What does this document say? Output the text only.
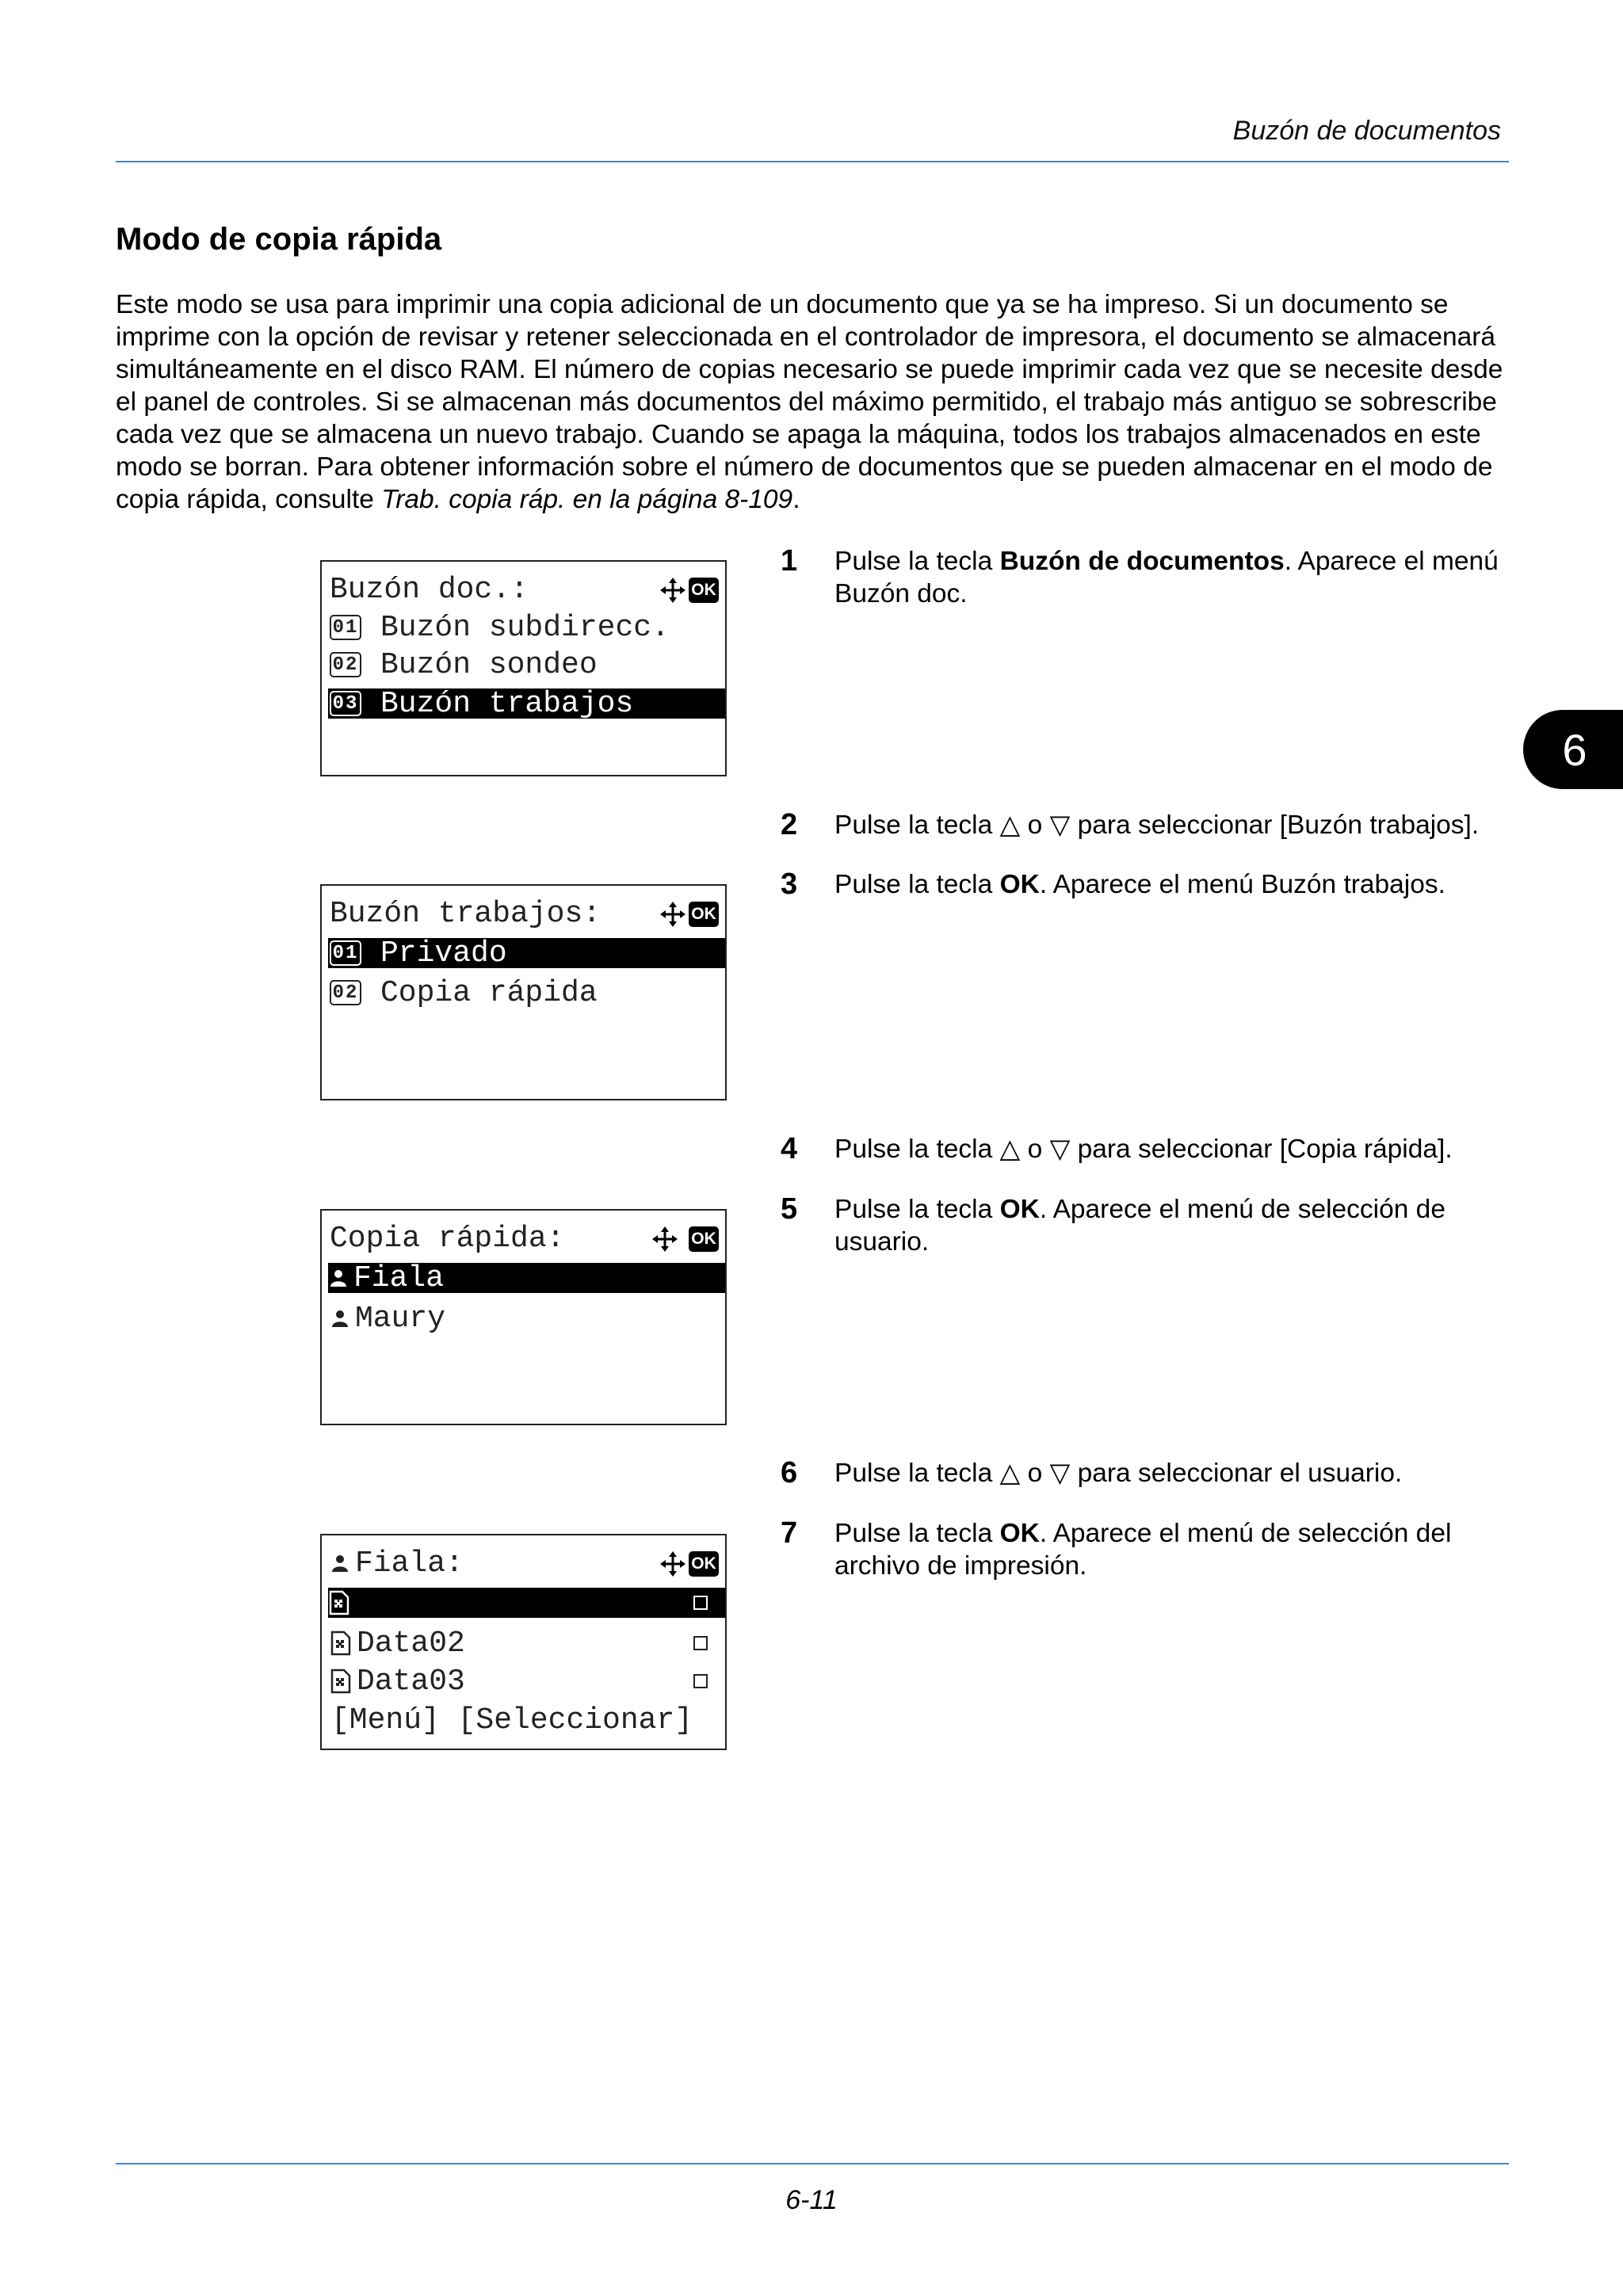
Buzón de documentos
Modo de copia rápida

Este modo se usa para imprimir una copia adicional de un documento que ya se ha impreso. Si un documento se imprime con la opción de revisar y retener seleccionada en el controlador de impresora, el documento se almacenará simultáneamente en el disco RAM. El número de copias necesario se puede imprimir cada vez que se necesite desde el panel de controles. Si se almacenan más documentos del máximo permitido, el trabajo más antiguo se sobrescribe cada vez que se almacena un nuevo trabajo. Cuando se apaga la máquina, todos los trabajos almacenados en este modo se borran. Para obtener información sobre el número de documentos que se pueden almacenar en el modo de copia rápida, consulte Trab. copia ráp. en la página 8-109.

6
Buzón doc.:	OK
01 Buzón subdirecc.
02 Buzón sondeo
03 Buzón trabajos
Buzón trabajos:	OK
01 Privado
02 Copia rápida
Copia rápida:	OK
Fiala
Maury
Fiala:	OK
Data02
Data03
[Menú] [Seleccionar]
1	Pulse la tecla Buzón de documentos. Aparece el menú Buzón doc.
2	Pulse la tecla △ o ▽ para seleccionar [Buzón trabajos].
3	Pulse la tecla OK. Aparece el menú Buzón trabajos.
4	Pulse la tecla △ o ▽ para seleccionar [Copia rápida].
5	Pulse la tecla OK. Aparece el menú de selección de usuario.
6	Pulse la tecla △ o ▽ para seleccionar el usuario.
7	Pulse la tecla OK. Aparece el menú de selección del archivo de impresión.
6-11
